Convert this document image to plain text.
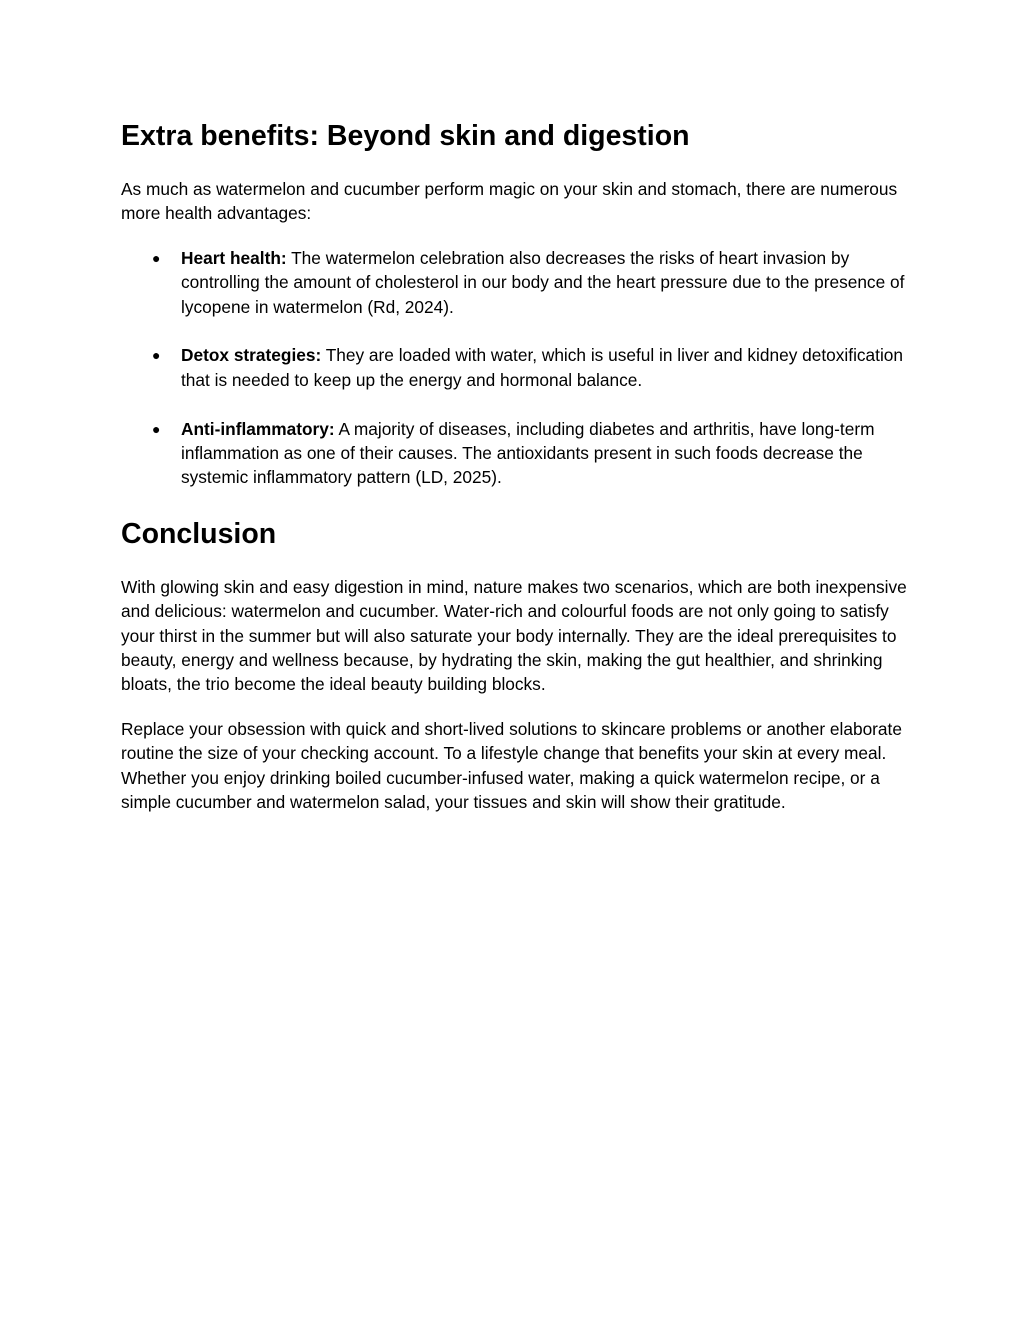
Extra benefits: Beyond skin and digestion

As much as watermelon and cucumber perform magic on your skin and stomach, there are numerous more health advantages:

● Heart health: The watermelon celebration also decreases the risks of heart invasion by controlling the amount of cholesterol in our body and the heart pressure due to the presence of lycopene in watermelon (Rd, 2024).
● Detox strategies: They are loaded with water, which is useful in liver and kidney detoxification that is needed to keep up the energy and hormonal balance.
● Anti-inflammatory: A majority of diseases, including diabetes and arthritis, have long-term inflammation as one of their causes. The antioxidants present in such foods decrease the systemic inflammatory pattern (LD, 2025).
Conclusion

With glowing skin and easy digestion in mind, nature makes two scenarios, which are both inexpensive and delicious: watermelon and cucumber. Water-rich and colourful foods are not only going to satisfy your thirst in the summer but will also saturate your body internally. They are the ideal prerequisites to beauty, energy and wellness because, by hydrating the skin, making the gut healthier, and shrinking bloats, the trio become the ideal beauty building blocks.

Replace your obsession with quick and short-lived solutions to skincare problems or another elaborate routine the size of your checking account. To a lifestyle change that benefits your skin at every meal. Whether you enjoy drinking boiled cucumber-infused water, making a quick watermelon recipe, or a simple cucumber and watermelon salad, your tissues and skin will show their gratitude.
